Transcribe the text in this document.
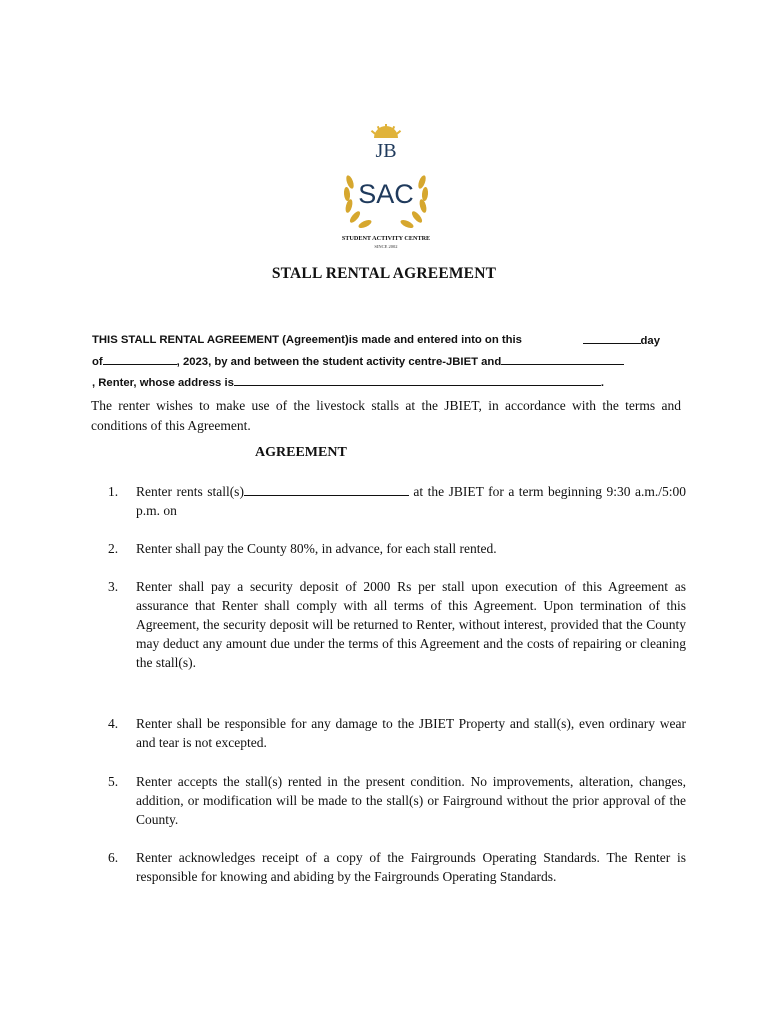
JB
SAC
STUDENT ACTIVITY CENTRE
SINCE 2002
STALL RENTAL AGREEMENT
THIS STALL RENTAL AGREEMENT (Agreement)is made and entered into on this	day
of	, 2023, by and between the student activity centre-JBIET and
, Renter, whose address is	.
The renter wishes to make use of the livestock stalls at the JBIET, in accordance with the terms and conditions of this Agreement.
AGREEMENT
1.	Renter rents stall(s)	at the JBIET for a term beginning 9:30 a.m./5:00 p.m. on
2.	Renter shall pay the County 80%, in advance, for each stall rented.
3.	Renter shall pay a security deposit of 2000 Rs per stall upon execution of this Agreement as assurance that Renter shall comply with all terms of this Agreement. Upon termination of this Agreement, the security deposit will be returned to Renter, without interest, provided that the County may deduct any amount due under the terms of this Agreement and the costs of repairing or cleaning the stall(s).
4.	Renter shall be responsible for any damage to the JBIET Property and stall(s), even ordinary wear and tear is not excepted.
5.	Renter accepts the stall(s) rented in the present condition. No improvements, alteration, changes, addition, or modification will be made to the stall(s) or Fairground without the prior approval of the County.
6.	Renter acknowledges receipt of a copy of the Fairgrounds Operating Standards. The Renter is responsible for knowing and abiding by the Fairgrounds Operating Standards.
